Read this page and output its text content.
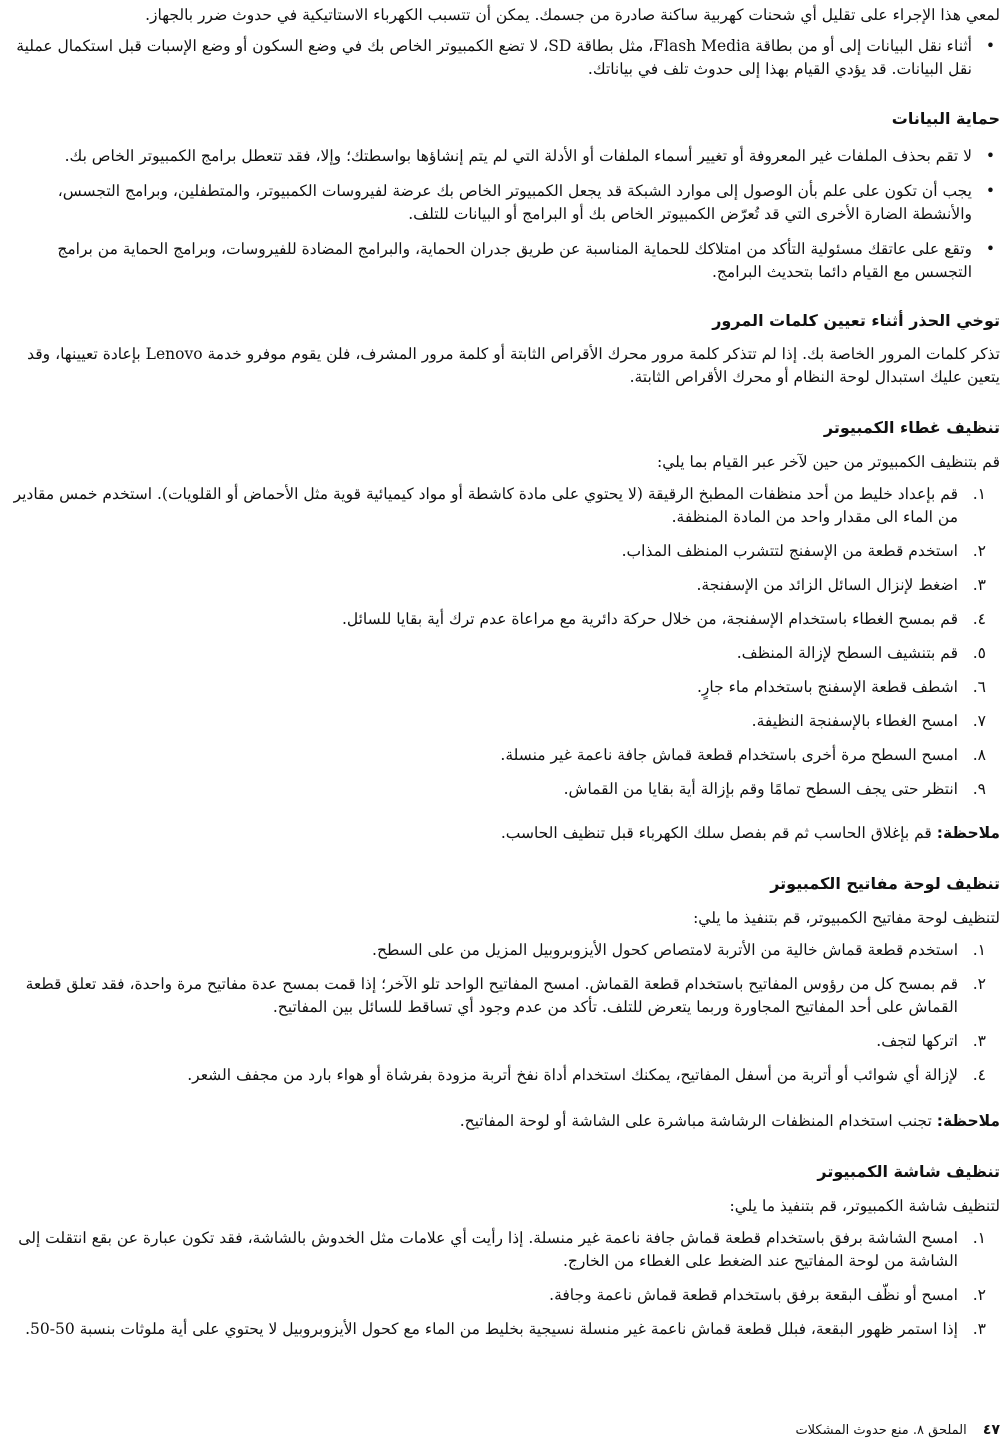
لمعي هذا الإجراء على تقليل أي شحنات كهربية ساكنة صادرة من جسمك. يمكن أن تتسبب الكهرباء الاستاتيكية في حدوث ضرر بالجهاز.

•
أثناء نقل البيانات إلى أو من بطاقة Flash Media، مثل بطاقة SD، لا تضع الكمبيوتر الخاص بك في وضع السكون أو وضع الإسبات قبل استكمال عملية نقل البيانات. قد يؤدي القيام بهذا إلى حدوث تلف في بياناتك.
حماية البيانات
•
لا تقم بحذف الملفات غير المعروفة أو تغيير أسماء الملفات أو الأدلة التي لم يتم إنشاؤها بواسطتك؛ وإلا، فقد تتعطل برامج الكمبيوتر الخاص بك.
•
يجب أن تكون على علم بأن الوصول إلى موارد الشبكة قد يجعل الكمبيوتر الخاص بك عرضة لفيروسات الكمبيوتر، والمتطفلين، وبرامج التجسس، والأنشطة الضارة الأخرى التي قد تُعرّض الكمبيوتر الخاص بك أو البرامج أو البيانات للتلف.
•
وتقع على عاتقك مسئولية التأكد من امتلاكك للحماية المناسبة عن طريق جدران الحماية، والبرامج المضادة للفيروسات، وبرامج الحماية من برامج التجسس مع القيام دائما بتحديث البرامج.
توخي الحذر أثناء تعيين كلمات المرور

تذكر كلمات المرور الخاصة بك. إذا لم تتذكر كلمة مرور محرك الأقراص الثابتة أو كلمة مرور المشرف، فلن يقوم موفرو خدمة Lenovo بإعادة تعيينها، وقد يتعين عليك استبدال لوحة النظام أو محرك الأقراص الثابتة.

تنظيف غطاء الكمبيوتر

قم بتنظيف الكمبيوتر من حين لآخر عبر القيام بما يلي:

١.
قم بإعداد خليط من أحد منظفات المطبخ الرقيقة (لا يحتوي على مادة كاشطة أو مواد كيميائية قوية مثل الأحماض أو القلويات). استخدم خمس مقادير من الماء الى مقدار واحد من المادة المنظفة.
٢.
استخدم قطعة من الإسفنج لتتشرب المنظف المذاب.
٣.
اضغط لإنزال السائل الزائد من الإسفنجة.
٤.
قم بمسح الغطاء باستخدام الإسفنجة، من خلال حركة دائرية مع مراعاة عدم ترك أية بقايا للسائل.
٥.
قم بتنشيف السطح لإزالة المنظف.
٦.
اشطف قطعة الإسفنج باستخدام ماء جارٍ.
٧.
امسح الغطاء بالإسفنجة النظيفة.
٨.
امسح السطح مرة أخرى باستخدام قطعة قماش جافة ناعمة غير منسلة.
٩.
انتظر حتى يجف السطح تمامًا وقم بإزالة أية بقايا من القماش.

ملاحظة: قم بإغلاق الحاسب ثم قم بفصل سلك الكهرباء قبل تنظيف الحاسب.

تنظيف لوحة مفاتيح الكمبيوتر

لتنظيف لوحة مفاتيح الكمبيوتر، قم بتنفيذ ما يلي:

١.
استخدم قطعة قماش خالية من الأتربة لامتصاص كحول الأيزوبروبيل المزيل من على السطح.
٢.
قم بمسح كل من رؤوس المفاتيح باستخدام قطعة القماش. امسح المفاتيح الواحد تلو الآخر؛ إذا قمت بمسح عدة مفاتيح مرة واحدة، فقد تعلق قطعة القماش على أحد المفاتيح المجاورة وربما يتعرض للتلف. تأكد من عدم وجود أي تساقط للسائل بين المفاتيح.
٣.
اتركها لتجف.
٤.
لإزالة أي شوائب أو أتربة من أسفل المفاتيح، يمكنك استخدام أداة نفخ أتربة مزودة بفرشاة أو هواء بارد من مجفف الشعر.

ملاحظة: تجنب استخدام المنظفات الرشاشة مباشرة على الشاشة أو لوحة المفاتيح.

تنظيف شاشة الكمبيوتر

لتنظيف شاشة الكمبيوتر، قم بتنفيذ ما يلي:

١.
امسح الشاشة برفق باستخدام قطعة قماش جافة ناعمة غير منسلة. إذا رأيت أي علامات مثل الخدوش بالشاشة، فقد تكون عبارة عن بقع انتقلت إلى الشاشة من لوحة المفاتيح عند الضغط على الغطاء من الخارج.
٢.
امسح أو نظّف البقعة برفق باستخدام قطعة قماش ناعمة وجافة.
٣.
إذا استمر ظهور البقعة، فبلل قطعة قماش ناعمة غير منسلة نسيجية بخليط من الماء مع كحول الأيزوبروبيل لا يحتوي على أية ملوثات بنسبة 50-50.
٤٧ الملحق ٨. منع حدوث المشكلات
